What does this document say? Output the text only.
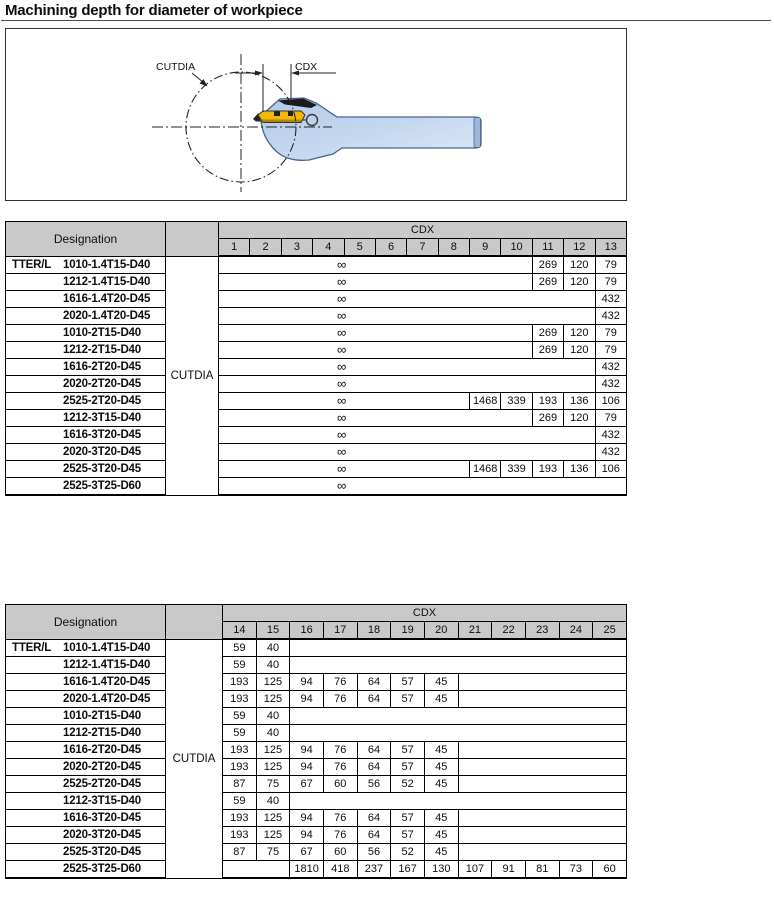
Machining depth for diameter of workpiece
CDX
CUTDIA
Designation		CDX												
		1	2	3	4	5	6	7	8	9	10	11	12	13
TTER/L 1010-1.4T15-D40	CUTDIA	∞										269	120	79
1212-1.4T15-D40		∞										269	120	79
1616-1.4T20-D45		∞												432
2020-1.4T20-D45		∞												432
1010-2T15-D40		∞										269	120	79
1212-2T15-D40		∞										269	120	79
1616-2T20-D45		∞												432
2020-2T20-D45		∞												432
2525-2T20-D45		∞								1468	339	193	136	106
1212-3T15-D40		∞										269	120	79
1616-3T20-D45		∞												432
2020-3T20-D45		∞												432
2525-3T20-D45		∞								1468	339	193	136	106
2525-3T25-D60		∞												
Designation		CDX											
		14	15	16	17	18	19	20	21	22	23	24	25
TTER/L 1010-1.4T15-D40	CUTDIA	59	40										
1212-1.4T15-D40		59	40										
1616-1.4T20-D45		193	125	94	76	64	57	45					
2020-1.4T20-D45		193	125	94	76	64	57	45					
1010-2T15-D40		59	40										
1212-2T15-D40		59	40										
1616-2T20-D45		193	125	94	76	64	57	45					
2020-2T20-D45		193	125	94	76	64	57	45					
2525-2T20-D45		87	75	67	60	56	52	45					
1212-3T15-D40		59	40										
1616-3T20-D45		193	125	94	76	64	57	45					
2020-3T20-D45		193	125	94	76	64	57	45					
2525-3T20-D45		87	75	67	60	56	52	45					
2525-3T25-D60				1810	418	237	167	130	107	91	81	73	60
